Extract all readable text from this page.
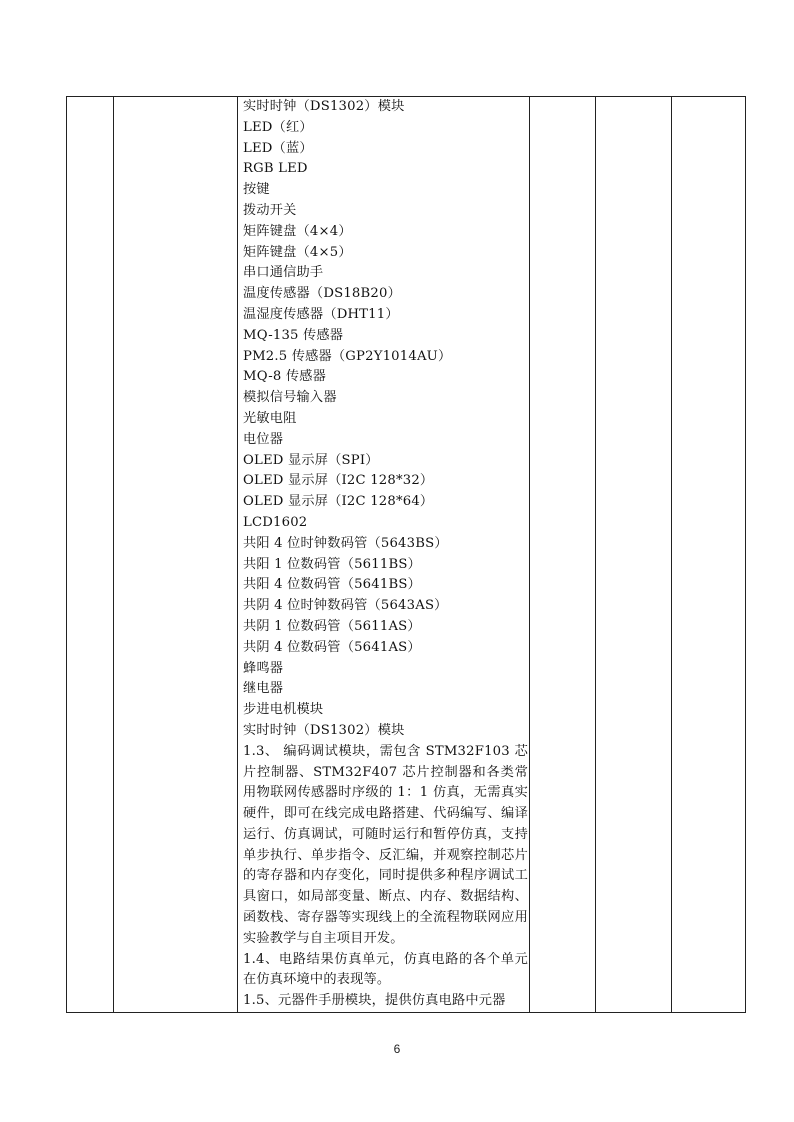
实时时钟（DS1302）模块
LED（红）
LED（蓝）
RGB LED
按键
拨动开关
矩阵键盘（4×4）
矩阵键盘（4×5）
串口通信助手
温度传感器（DS18B20）
温湿度传感器（DHT11）
MQ-135 传感器
PM2.5 传感器（GP2Y1014AU）
MQ-8 传感器
模拟信号输入器
光敏电阻
电位器
OLED 显示屏（SPI）
OLED 显示屏（I2C 128*32）
OLED 显示屏（I2C 128*64）
LCD1602
共阳 4 位时钟数码管（5643BS）
共阳 1 位数码管（5611BS）
共阳 4 位数码管（5641BS）
共阴 4 位时钟数码管（5643AS）
共阴 1 位数码管（5611AS）
共阴 4 位数码管（5641AS）
蜂鸣器
继电器
步进电机模块
实时时钟（DS1302）模块
1.3、 编码调试模块，需包含 STM32F103 芯片控制器、STM32F407 芯片控制器和各类常用物联网传感器时序级的 1：1 仿真，无需真实硬件，即可在线完成电路搭建、代码编写、编译运行、仿真调试，可随时运行和暂停仿真，支持单步执行、单步指令、反汇编，并观察控制芯片的寄存器和内存变化，同时提供多种程序调试工具窗口，如局部变量、断点、内存、数据结构、函数栈、寄存器等实现线上的全流程物联网应用实验教学与自主项目开发。
1.4、电路结果仿真单元，仿真电路的各个单元在仿真环境中的表现等。
1.5、元器件手册模块，提供仿真电路中元器
6
